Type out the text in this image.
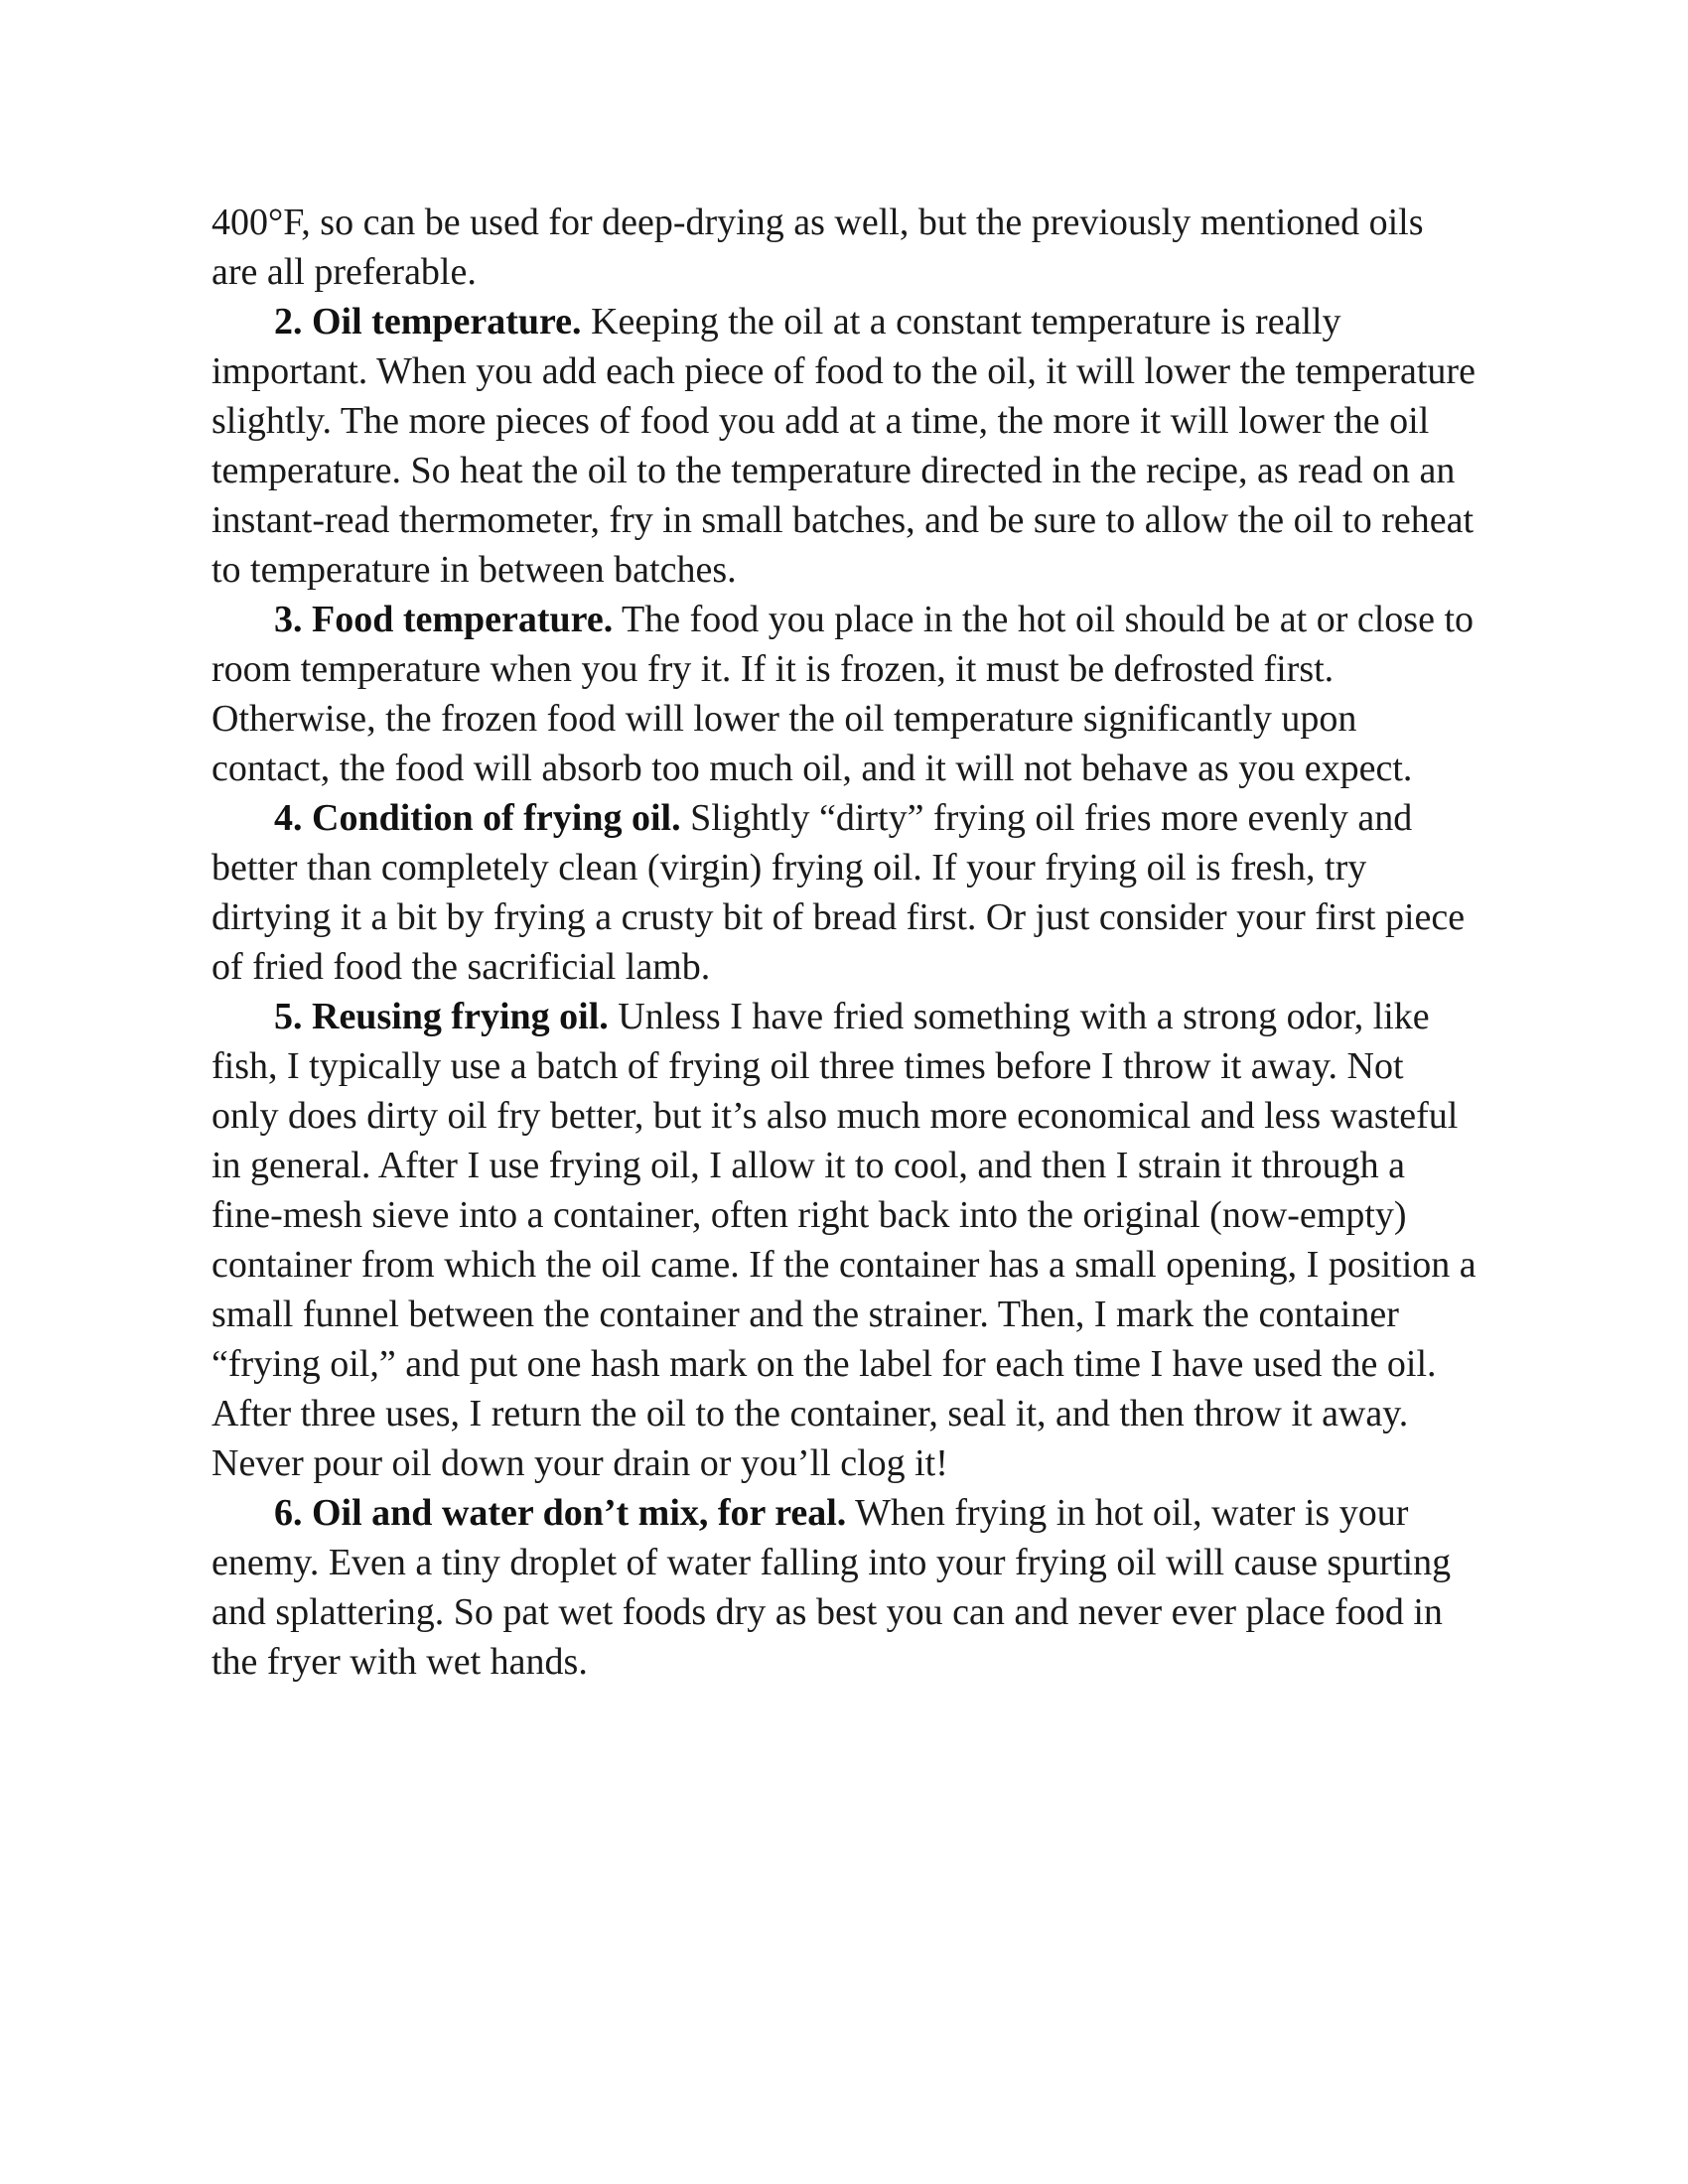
400°F, so can be used for deep-drying as well, but the previously mentioned oils are all preferable.

2. Oil temperature. Keeping the oil at a constant temperature is really important. When you add each piece of food to the oil, it will lower the temperature slightly. The more pieces of food you add at a time, the more it will lower the oil temperature. So heat the oil to the temperature directed in the recipe, as read on an instant-read thermometer, fry in small batches, and be sure to allow the oil to reheat to temperature in between batches.

3. Food temperature. The food you place in the hot oil should be at or close to room temperature when you fry it. If it is frozen, it must be defrosted first. Otherwise, the frozen food will lower the oil temperature significantly upon contact, the food will absorb too much oil, and it will not behave as you expect.

4. Condition of frying oil. Slightly “dirty” frying oil fries more evenly and better than completely clean (virgin) frying oil. If your frying oil is fresh, try dirtying it a bit by frying a crusty bit of bread first. Or just consider your first piece of fried food the sacrificial lamb.

5. Reusing frying oil. Unless I have fried something with a strong odor, like fish, I typically use a batch of frying oil three times before I throw it away. Not only does dirty oil fry better, but it’s also much more economical and less wasteful in general. After I use frying oil, I allow it to cool, and then I strain it through a fine-mesh sieve into a container, often right back into the original (now-empty) container from which the oil came. If the container has a small opening, I position a small funnel between the container and the strainer. Then, I mark the container “frying oil,” and put one hash mark on the label for each time I have used the oil. After three uses, I return the oil to the container, seal it, and then throw it away. Never pour oil down your drain or you’ll clog it!

6. Oil and water don’t mix, for real. When frying in hot oil, water is your enemy. Even a tiny droplet of water falling into your frying oil will cause spurting and splattering. So pat wet foods dry as best you can and never ever place food in the fryer with wet hands.
